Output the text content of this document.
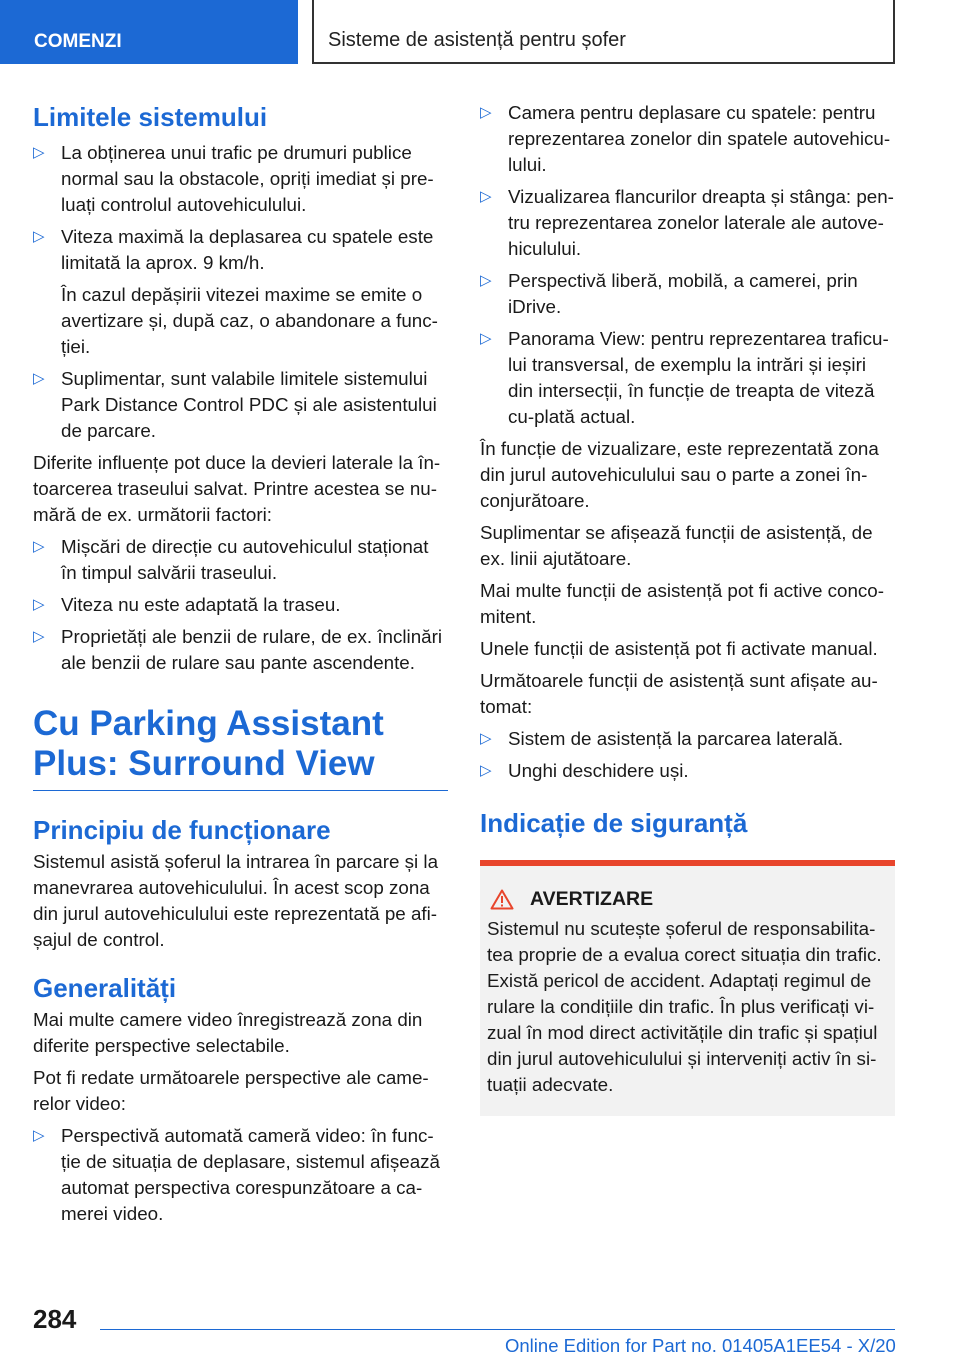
COMENZI	Sisteme de asistență pentru șofer
Limitele sistemului
▷ La obținerea unui trafic pe drumuri publice normal sau la obstacole, opriți imediat și pre-luați controlul autovehiculului.
▷ Viteza maximă la deplasarea cu spatele este limitată la aprox. 9 km/h.
În cazul depășirii vitezei maxime se emite o avertizare și, după caz, o abandonare a func-ției.
▷ Suplimentar, sunt valabile limitele sistemului Park Distance Control PDC și ale asistentului de parcare.

Diferite influențe pot duce la devieri laterale la în-toarcerea traseului salvat. Printre acestea se nu-mără de ex. următorii factori:

▷ Mișcări de direcție cu autovehiculul staționat în timpul salvării traseului.
▷ Viteza nu este adaptată la traseu.
▷ Proprietăți ale benzii de rulare, de ex. înclinări ale benzii de rulare sau pante ascendente.
Cu Parking Assistant Plus: Surround View
Principiu de funcționare

Sistemul asistă șoferul la intrarea în parcare și la manevrarea autovehiculului. În acest scop zona din jurul autovehiculului este reprezentată pe afi-șajul de control.

Generalități

Mai multe camere video înregistrează zona din diferite perspective selectabile.

Pot fi redate următoarele perspective ale came-relor video:

▷ Perspectivă automată cameră video: în func-ție de situația de deplasare, sistemul afișează automat perspectiva corespunzătoare a ca-merei video.
▷ Camera pentru deplasare cu spatele: pentru reprezentarea zonelor din spatele autovehicu-lului.
▷ Vizualizarea flancurilor dreapta și stânga: pen-tru reprezentarea zonelor laterale ale autove-hiculului.
▷ Perspectivă liberă, mobilă, a camerei, prin iDrive.
▷ Panorama View: pentru reprezentarea traficu-lui transversal, de exemplu la intrări și ieșiri din intersecții, în funcție de treapta de viteză cu-plată actual.

În funcție de vizualizare, este reprezentată zona din jurul autovehiculului sau o parte a zonei în-conjurătoare.

Suplimentar se afișează funcții de asistență, de ex. linii ajutătoare.

Mai multe funcții de asistență pot fi active conco-mitent.

Unele funcții de asistență pot fi activate manual.

Următoarele funcții de asistență sunt afișate au-tomat:

▷ Sistem de asistență la parcarea laterală.
▷ Unghi deschidere uși.
Indicație de siguranță
AVERTIZARE

Sistemul nu scutește șoferul de responsabilita-tea proprie de a evalua corect situația din trafic. Există pericol de accident. Adaptați regimul de rulare la condițiile din trafic. În plus verificați vi-zual în mod direct activitățile din trafic și spațiul din jurul autovehiculului și interveniți activ în si-tuații adecvate.

284
Online Edition for Part no. 01405A1EE54 - X/20
